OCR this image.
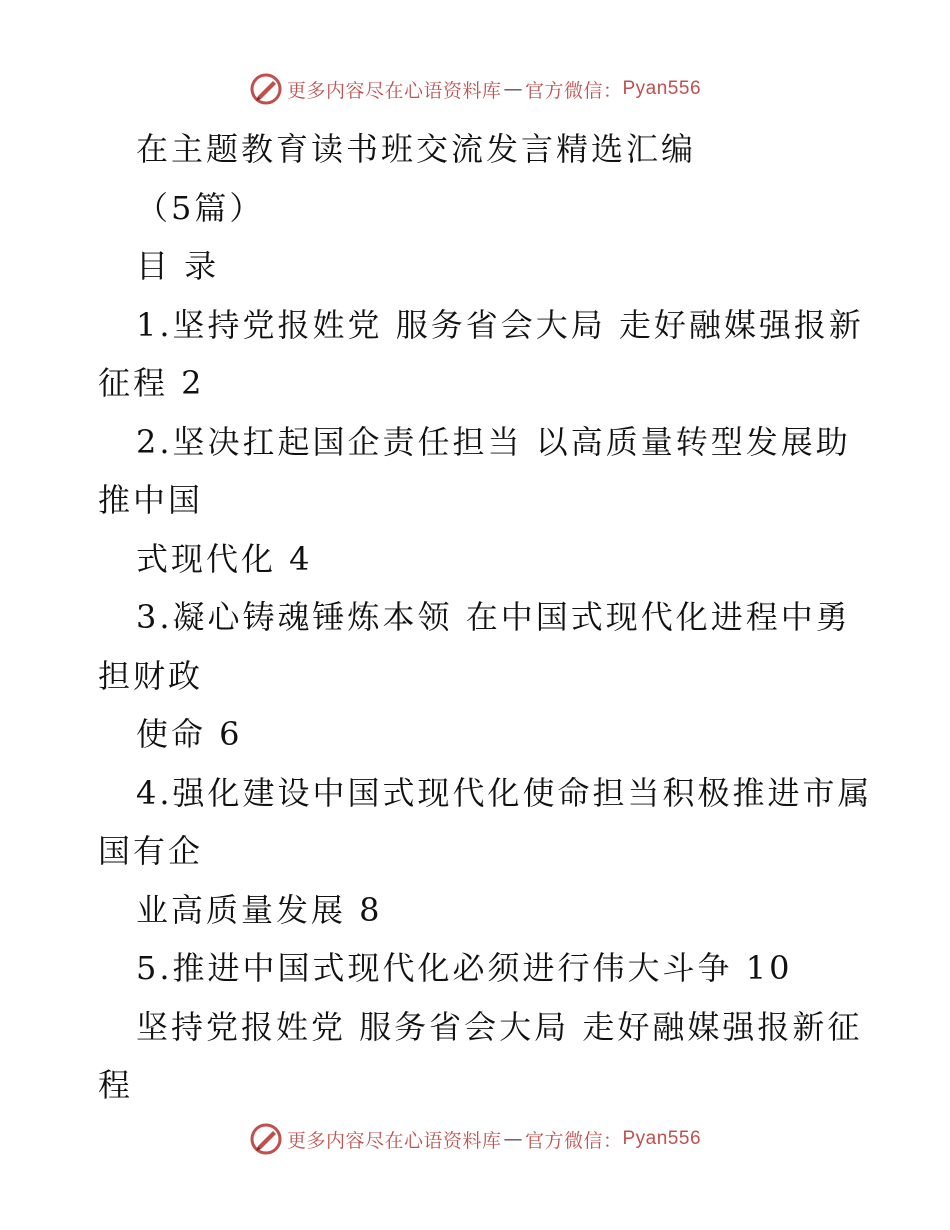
更多内容尽在心语资料库 — 官方微信： Pyan556
在主题教育读书班交流发言精选汇编
（5篇）
目 录
1.坚持党报姓党 服务省会大局 走好融媒强报新
征程 2
2.坚决扛起国企责任担当 以高质量转型发展助
推中国
式现代化 4
3.凝心铸魂锤炼本领 在中国式现代化进程中勇
担财政
使命 6
4.强化建设中国式现代化使命担当积极推进市属
国有企
业高质量发展 8
5.推进中国式现代化必须进行伟大斗争 10
坚持党报姓党 服务省会大局 走好融媒强报新征
程
更多内容尽在心语资料库 — 官方微信： Pyan556
